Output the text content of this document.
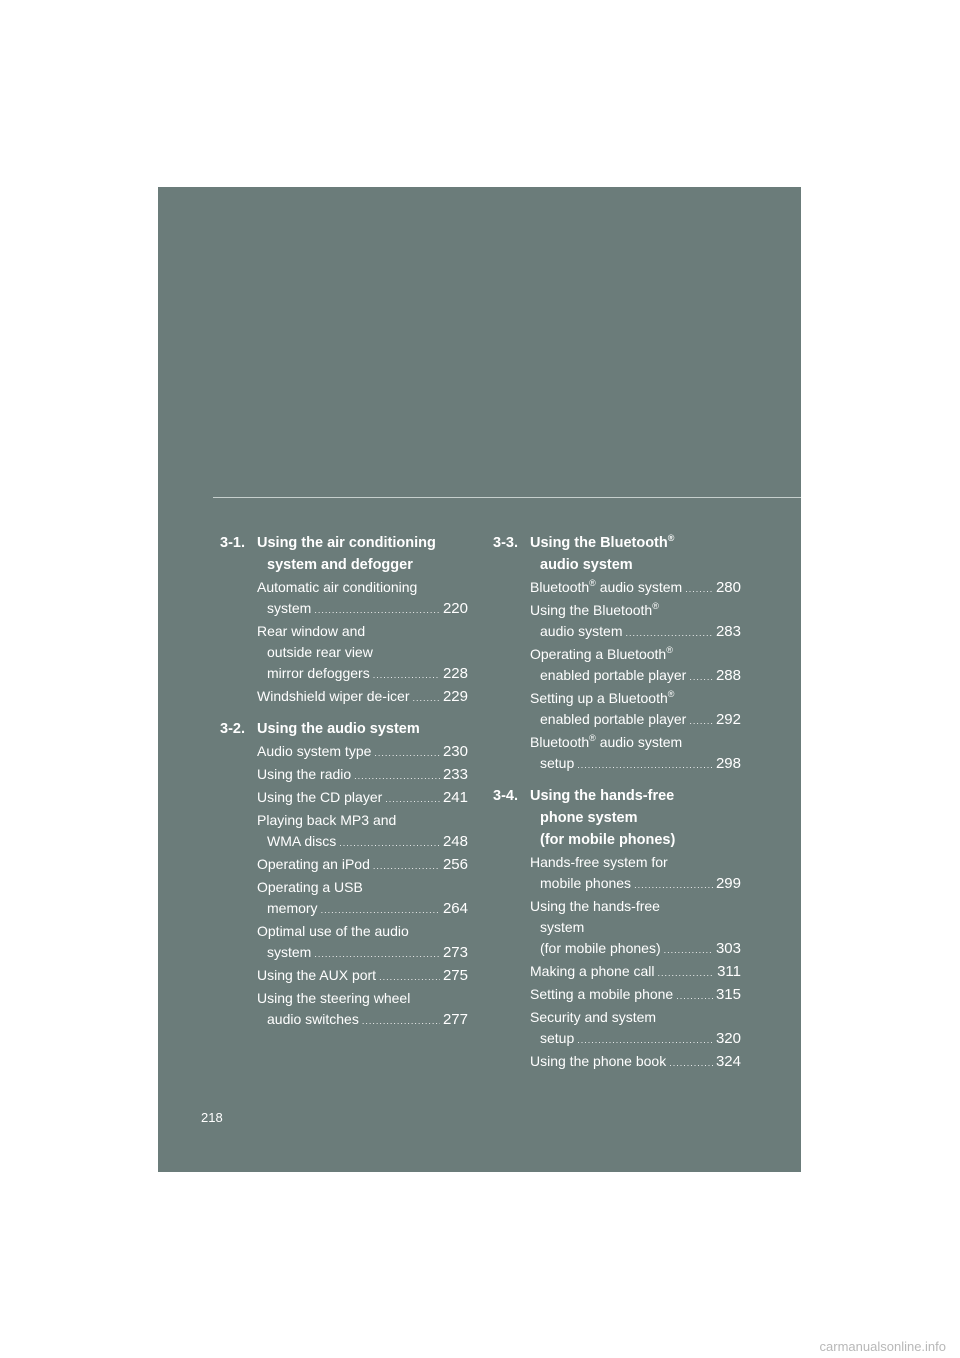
3-1. Using the air conditioning
system and defogger
Automatic air conditioning
system .....	220
Rear window and
outside rear view
mirror defoggers .....	228
Windshield wiper de-icer ..... 229
3-2. Using the audio system
Audio system type .....	230
Using the radio .....	233
Using the CD player .....	241
Playing back MP3 and
WMA discs .....	248
Operating an iPod .....	256
Operating a USB
memory .....	264
Optimal use of the audio
system .....	273
Using the AUX port .....	275
Using the steering wheel
audio switches .....	277
3-3. Using the Bluetooth®
audio system
Bluetooth® audio system ..... 280
Using the Bluetooth®
audio system .....	283
Operating a Bluetooth®
enabled portable player ..... 288
Setting up a Bluetooth®
enabled portable player ..... 292
Bluetooth® audio system
setup .....	298
3-4. Using the hands-free
phone system
(for mobile phones)
Hands-free system for
mobile phones .....	299
Using the hands-free
system
(for mobile phones) .....	303
Making a phone call .....	311
Setting a mobile phone .....	315
Security and system
setup .....	320
Using the phone book .....	324
218
carmanualsonline.info
